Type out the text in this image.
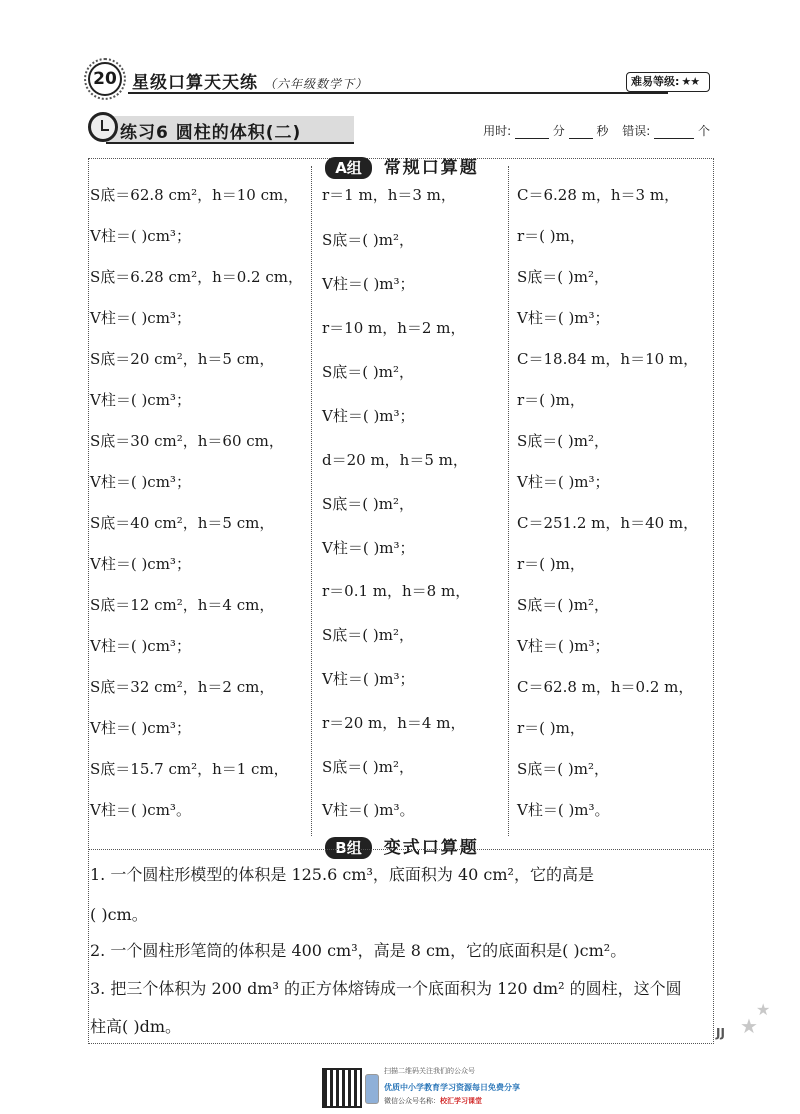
20 星级口算天天练 （六年级数学下）	难易等级: ★★
练习6 圆柱的体积(二)	用时:	分	秒 错误:	个
A组 常规口算题
B组 变式口算题
S底＝62.8 cm²，h＝10 cm，
V柱＝( )cm³；
S底＝6.28 cm²，h＝0.2 cm，
V柱＝( )cm³；
S底＝20 cm²，h＝5 cm，
V柱＝( )cm³；
S底＝30 cm²，h＝60 cm，
V柱＝( )cm³；
S底＝40 cm²，h＝5 cm，
V柱＝( )cm³；
S底＝12 cm²，h＝4 cm，
V柱＝( )cm³；
S底＝32 cm²，h＝2 cm，
V柱＝( )cm³；
S底＝15.7 cm²，h＝1 cm，
V柱＝( )cm³。
r＝1 m，h＝3 m，
S底＝( )m²，
V柱＝( )m³；
r＝10 m，h＝2 m，
S底＝( )m²，
V柱＝( )m³；
d＝20 m，h＝5 m，
S底＝( )m²，
V柱＝( )m³；
r＝0.1 m，h＝8 m，
S底＝( )m²，
V柱＝( )m³；
r＝20 m，h＝4 m，
S底＝( )m²，
V柱＝( )m³。
C＝6.28 m，h＝3 m，
r＝( )m，
S底＝( )m²，
V柱＝( )m³；
C＝18.84 m，h＝10 m，
r＝( )m，
S底＝( )m²，
V柱＝( )m³；
C＝251.2 m，h＝40 m，
r＝( )m，
S底＝( )m²，
V柱＝( )m³；
C＝62.8 m，h＝0.2 m，
r＝( )m，
S底＝( )m²，
V柱＝( )m³。
1. 一个圆柱形模型的体积是 125.6 cm³，底面积为 40 cm²，它的高是
( )cm。
2. 一个圆柱形笔筒的体积是 400 cm³，高是 8 cm，它的底面积是( )cm²。
3. 把三个体积为 200 dm³ 的正方体熔铸成一个底面积为 120 dm² 的圆柱，这个圆
柱高( )dm。
★
★
JJ
扫描二维码关注我们的公众号
优质中小学教育学习资源每日免费分享
微信公众号名称：校汇学习课堂
